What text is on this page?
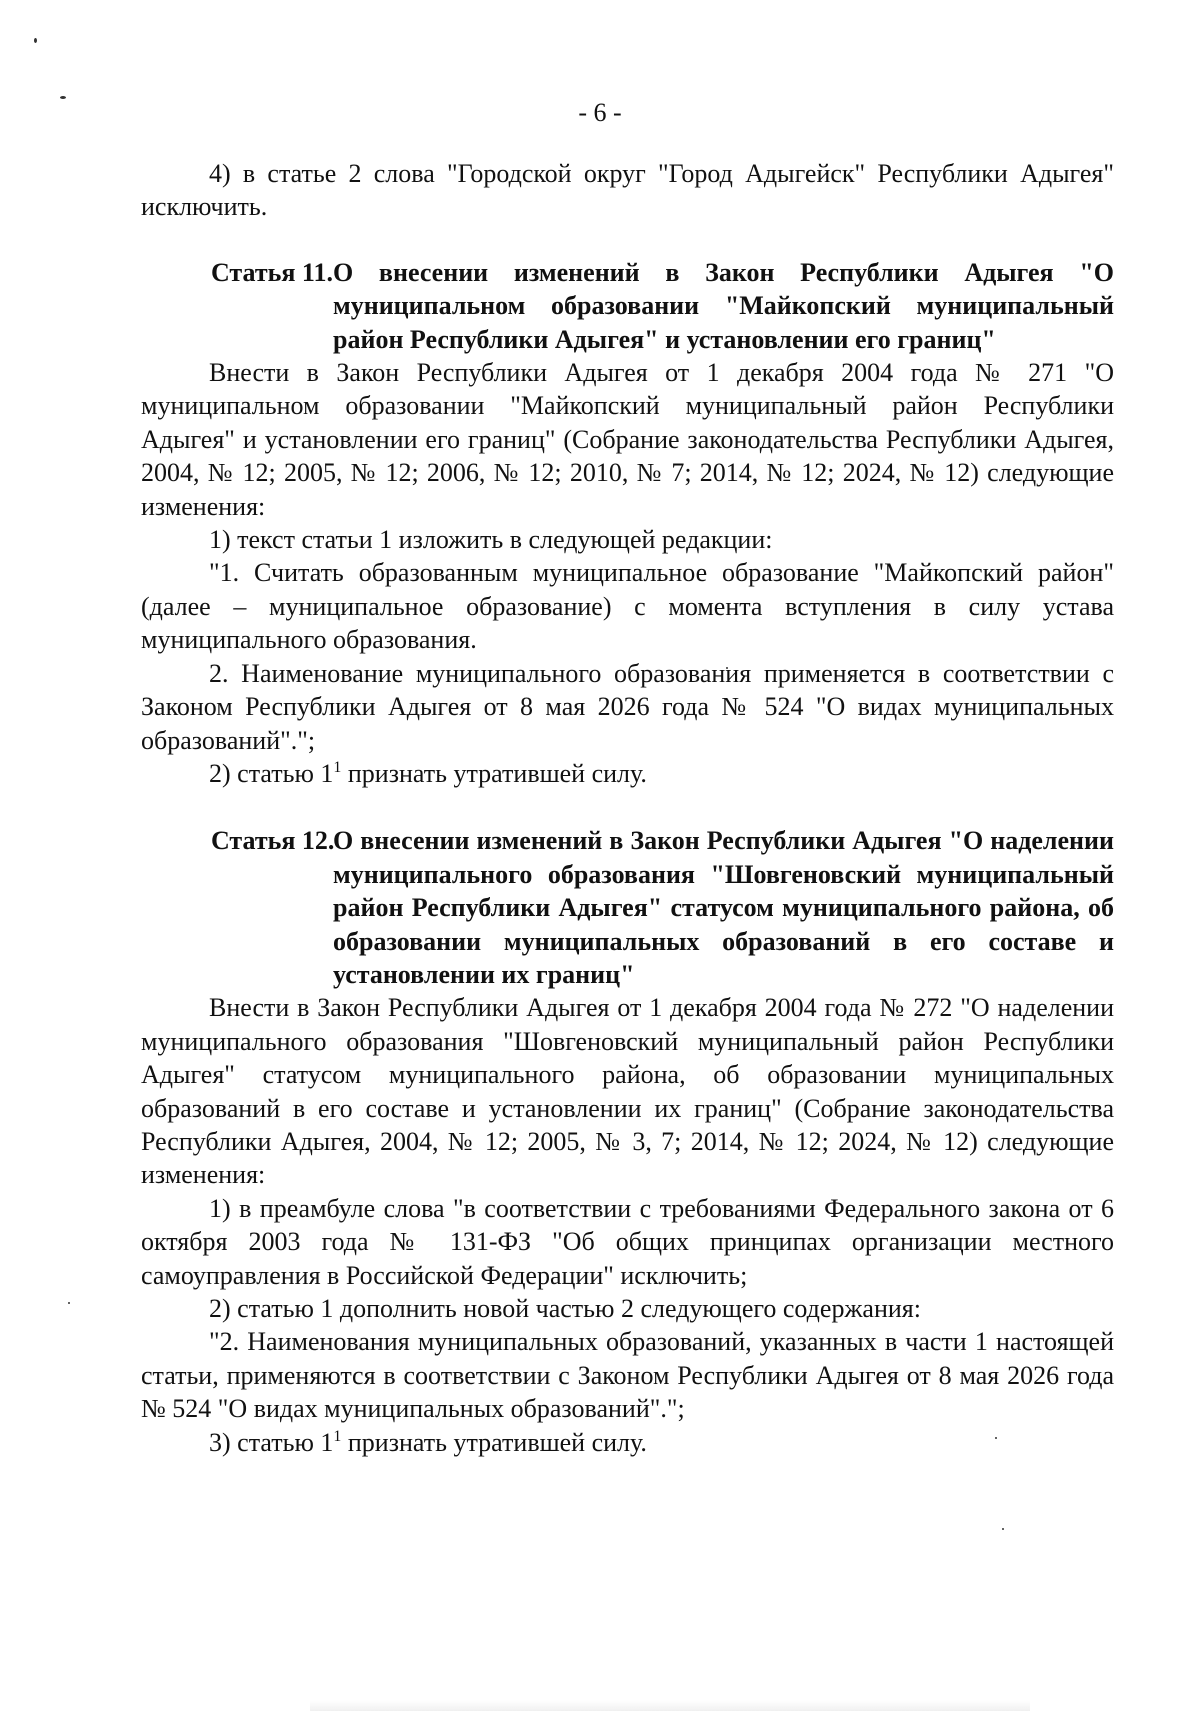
- 6 -

4) в статье 2 слова "Городской округ "Город Адыгейск" Республики Адыгея" исключить.

Статья 11. О внесении изменений в Закон Республики Адыгея "О муниципальном образовании "Майкопский муниципальный район Республики Адыгея" и установлении его границ"

Внести в Закон Республики Адыгея от 1 декабря 2004 года № 271 "О муниципальном образовании "Майкопский муниципальный район Республики Адыгея" и установлении его границ" (Собрание законодательства Республики Адыгея, 2004, № 12; 2005, № 12; 2006, № 12; 2010, № 7; 2014, № 12; 2024, № 12) следующие изменения:

1) текст статьи 1 изложить в следующей редакции:

"1. Считать образованным муниципальное образование "Майкопский район" (далее – муниципальное образование) с момента вступления в силу устава муниципального образования.

2. Наименование муниципального образования применяется в соответствии с Законом Республики Адыгея от 8 мая 2026 года № 524 "О видах муниципальных образований".";

2) статью $1^1$ признать утратившей силу.

Статья 12.
О внесении изменений в Закон Республики Адыгея "О наделении муниципального образования "Шовгеновский муниципальный район Республики Адыгея" статусом муниципального района, об образовании муниципальных образований в его составе и установлении их границ"

Внести в Закон Республики Адыгея от 1 декабря 2004 года № 272 "О наделении муниципального образования "Шовгеновский муниципальный район Республики Адыгея" статусом муниципального района, об образовании муниципальных образований в его составе и установлении их границ" (Собрание законодательства Республики Адыгея, 2004, № 12; 2005, № 3, 7; 2014, № 12; 2024, № 12) следующие изменения:

1) в преамбуле слова "в соответствии с требованиями Федерального закона от 6 октября 2003 года № 131-ФЗ "Об общих принципах организации местного самоуправления в Российской Федерации" исключить;

2) статью 1 дополнить новой частью 2 следующего содержания:

"2. Наименования муниципальных образований, указанных в части 1 настоящей статьи, применяются в соответствии с Законом Республики Адыгея от 8 мая 2026 года № 524 "О видах муниципальных образований".";

3) статью $1^1$ признать утратившей силу.
